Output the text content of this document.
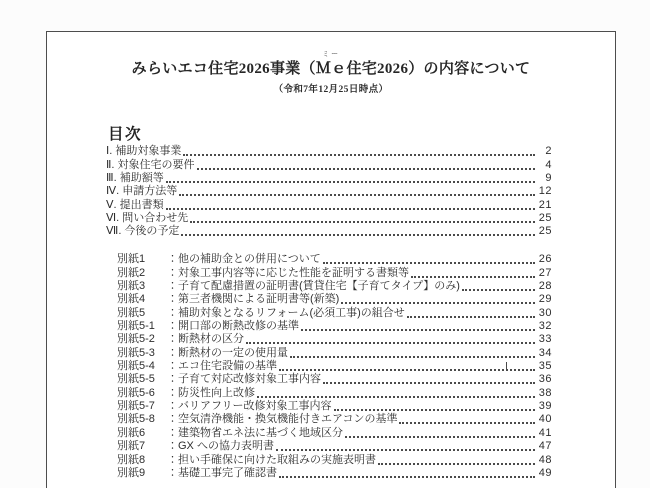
みらいエコ住宅2026事業（
ミー
Ｍｅ住宅2026）の内容について
（令和7年12月25日時点）
目次
Ⅰ. 補助対象事業	2
Ⅱ. 対象住宅の要件	4
Ⅲ. 補助額等	9
Ⅳ. 申請方法等	12
Ⅴ. 提出書類	21
Ⅵ. 問い合わせ先	25
Ⅶ. 今後の予定	25
別紙1	：他の補助金との併用について	26
別紙2	：対象工事内容等に応じた性能を証明する書類等	27
別紙3	：子育て配慮措置の証明書(賃貸住宅【子育てタイプ】のみ)	28
別紙4	：第三者機関による証明書等(新築)	29
別紙5	：補助対象となるリフォーム(必須工事)の組合せ	30
別紙5-1	：開口部の断熱改修の基準	32
別紙5-2	：断熱材の区分	33
別紙5-3	：断熱材の一定の使用量	34
別紙5-4	：エコ住宅設備の基準	35
別紙5-5	：子育て対応改修対象工事内容	36
別紙5-6	：防災性向上改修	38
別紙5-7	：バリアフリー改修対象工事内容	39
別紙5-8	：空気清浄機能・換気機能付きエアコンの基準	40
別紙6	：建築物省エネ法に基づく地域区分	41
別紙7	：GX への協力表明書	47
別紙8	：担い手確保に向けた取組みの実施表明書	48
別紙9	：基礎工事完了確認書	49
